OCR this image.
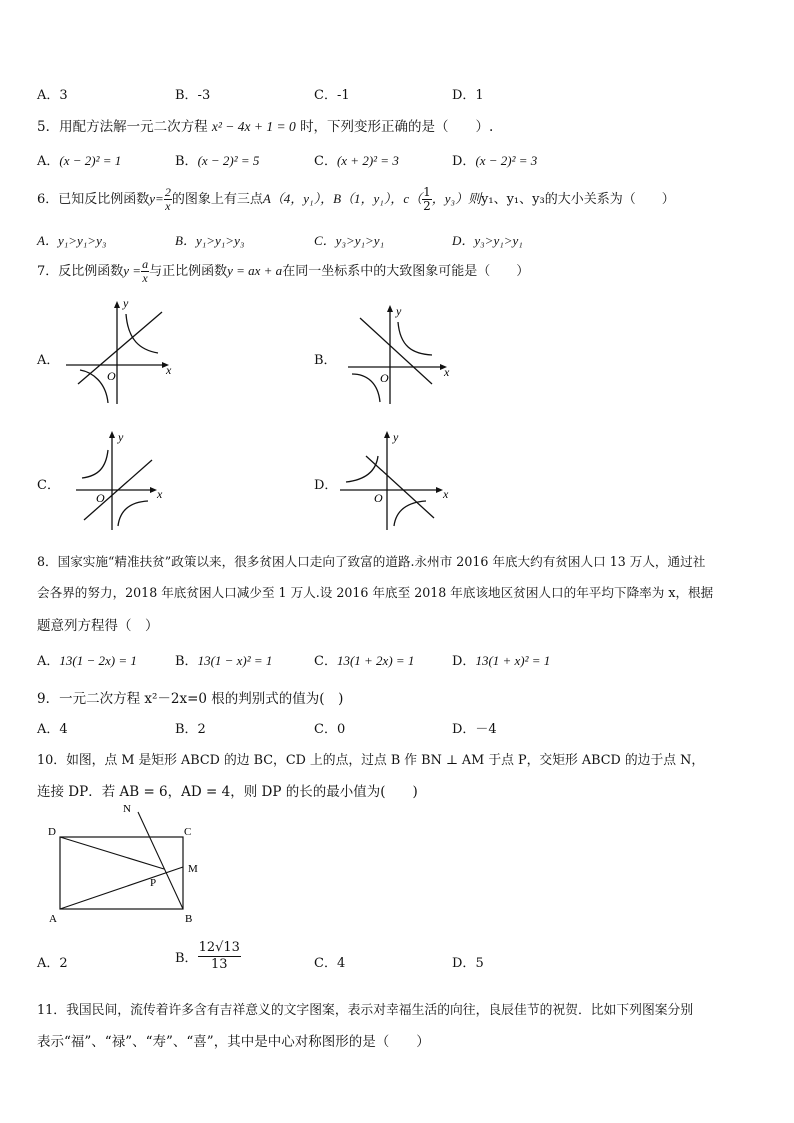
A．3	B．-3	C．-1	D．1
5．用配方法解一元二次方程 x² − 4x + 1 = 0 时，下列变形正确的是（　　）.
A．(x − 2)² = 1	B．(x − 2)² = 5	C．(x + 2)² = 3	D．(x − 2)² = 3
6．已知反比例函数$y= \frac{2}{x}$ 的图象上有三点A（4，y₁），B（1，y₁），$c( \frac{1}{2}$ ，y₃）则y₁、y₁、y₃的大小关系为（　　）
A．y₁>y₁>y₃	B．y₁>y₁>y₃	C．y₃>y₁>y₁	D．y₃>y₁>y₁
7．反比例函数$y = \frac{a}{x}$ 与正比例函数y = ax + a在同一坐标系中的大致图象可能是（　　）
A．
y
x
O
B．
y
x
O
C．
y
x
O
D．
y
x
O
8．国家实施“精准扶贫”政策以来，很多贫困人口走向了致富的道路.永州市 2016 年底大约有贫困人口 13 万人，通过社
会各界的努力，2018 年底贫困人口减少至 1 万人.设 2016 年底至 2018 年底该地区贫困人口的年平均下降率为 x，根据
题意列方程得（　）
A．13(1 − 2x) = 1	B．13(1 − x)² = 1	C．13(1 + 2x) = 1	D．13(1 + x)² = 1
9．一元二次方程 x²－2x=0 根的判别式的值为(　)
A．4	B．2	C．0	D．－4
10．如图，点 M 是矩形 ABCD 的边 BC，CD 上的点，过点 B 作 BN ⊥ AM 于点 P，交矩形 ABCD 的边于点 N，
连接 DP．若 AB = 6，AD = 4，则 DP 的长的最小值为(　　)
D	C
A	B
M
N
P
A．2	B． $\frac{12√13}{13}$	C．4	D．5
11．我国民间，流传着许多含有吉祥意义的文字图案，表示对幸福生活的向往，良辰佳节的祝贺．比如下列图案分别
表示“福”、“禄”、“寿”、“喜”，其中是中心对称图形的是（　　）
